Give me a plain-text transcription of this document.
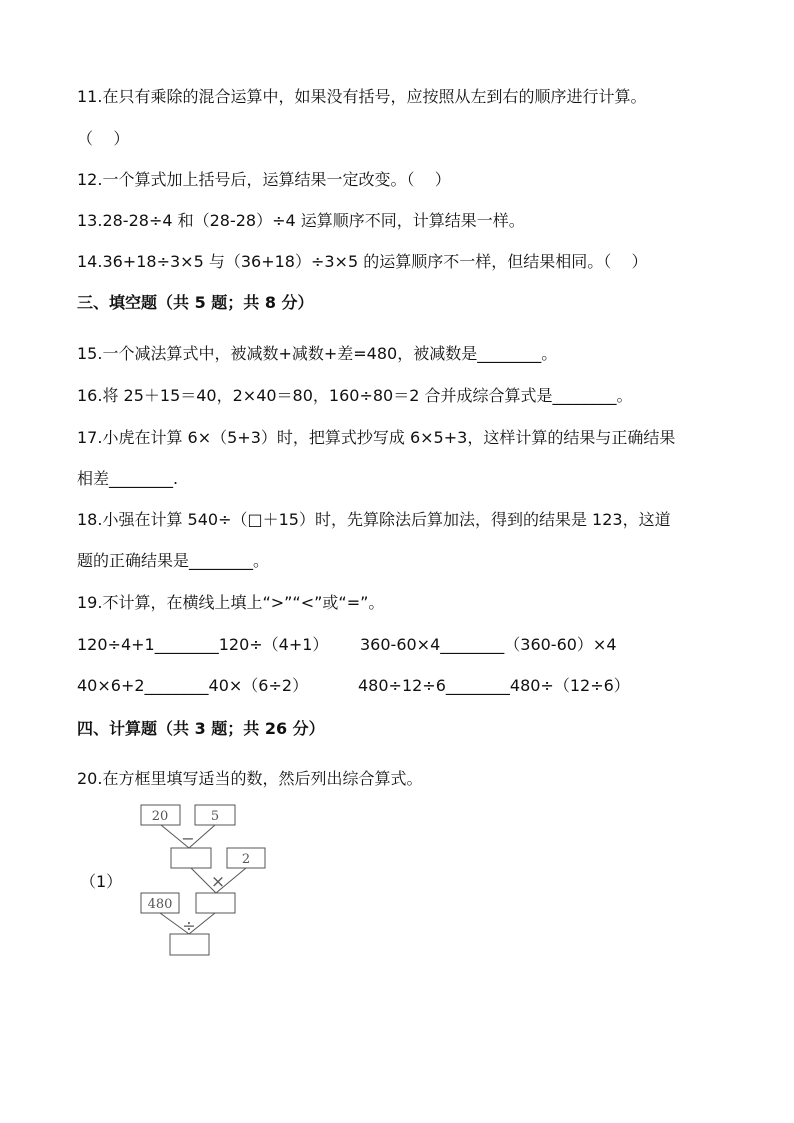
11.在只有乘除的混合运算中，如果没有括号，应按照从左到右的顺序进行计算。
（    ）
12.一个算式加上括号后，运算结果一定改变。（    ）
13.28-28÷4 和（28-28）÷4 运算顺序不同，计算结果一样。
14.36+18÷3×5 与（36+18）÷3×5 的运算顺序不一样，但结果相同。（    ）
三、填空题（共 5 题；共 8 分）
15.一个减法算式中，被减数+减数+差=480，被减数是________。
16.将 25＋15＝40，2×40＝80，160÷80＝2 合并成综合算式是________。
17.小虎在计算 6×（5+3）时，把算式抄写成 6×5+3，这样计算的结果与正确结果
相差________.
18.小强在计算 540÷（□＋15）时，先算除法后算加法，得到的结果是 123，这道
题的正确结果是________。
19.不计算，在横线上填上“>”“<”或“=”。
120÷4+1________120÷（4+1） 360-60×4________（360-60）×4
40×6+2________40×（6÷2）	480÷12÷6________480÷（12÷6）
四、计算题（共 3 题；共 26 分）
20.在方框里填写适当的数，然后列出综合算式。
（1）
20	5
−
2
×
480
÷
